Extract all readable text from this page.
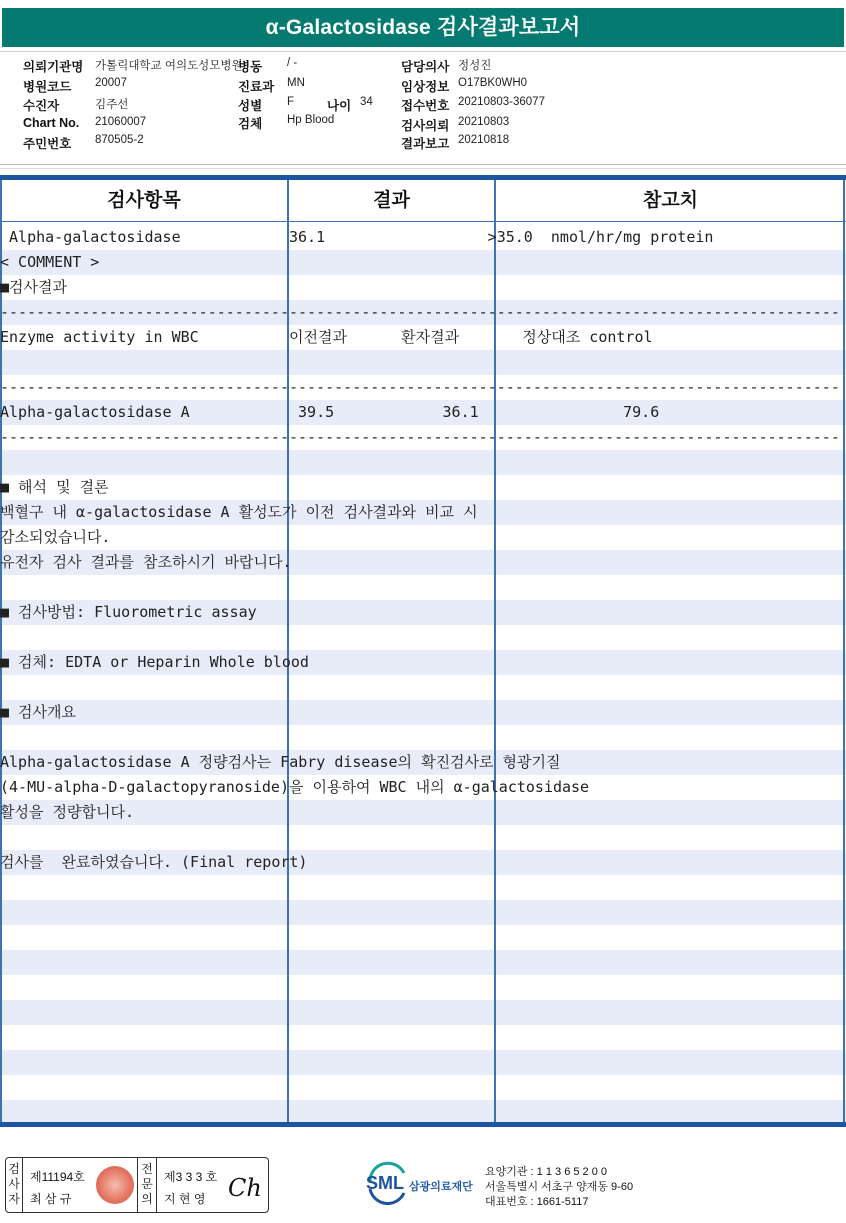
α-Galactosidase 검사결과보고서
의뢰기관명 가톨릭대학교 여의도성모병원
병동 / -	담당의사 정성진
병원코드 20007	진료과 MN	임상정보 O17BK0WH0
수진자	김주선	성별 F	나이 34 접수번호 20210803-36077
Chart No. 21060007	검체 Hp Blood	검사의뢰 20210803
주민번호 870505-2	결과보고 20210818
검사항목	결과	참고치
Alpha-galactosidase            36.1                  >35.0  nmol/hr/mg protein
< COMMENT >
■검사결과
---------------------------------------------------------------------------------------------
Enzyme activity in WBC          이전결과      환자결과       정상대조 control
---------------------------------------------------------------------------------------------
Alpha-galactosidase A            39.5            36.1                79.6
---------------------------------------------------------------------------------------------
■ 해석 및 결론
백혈구 내 α-galactosidase A 활성도가 이전 검사결과와 비교 시
감소되었습니다.
유전자 검사 결과를 참조하시기 바랍니다.
■ 검사방법: Fluorometric assay
■ 검체: EDTA or Heparin Whole blood
■ 검사개요
Alpha-galactosidase A 정량검사는 Fabry disease의 확진검사로 형광기질
(4-MU-alpha-D-galactopyranoside)을 이용하여 WBC 내의 α-galactosidase
활성을 정량합니다.
검사를  완료하였습니다. (Final report)
검사자
제11194호
최 삼 규
전문의
제3 3 3 호
지 현 영 Ch	SML 삼광의료재단
요양기관 : 1 1 3 6 5 2 0 0
서울특별시 서초구 양재동 9-60
대표번호 : 1661-5117
